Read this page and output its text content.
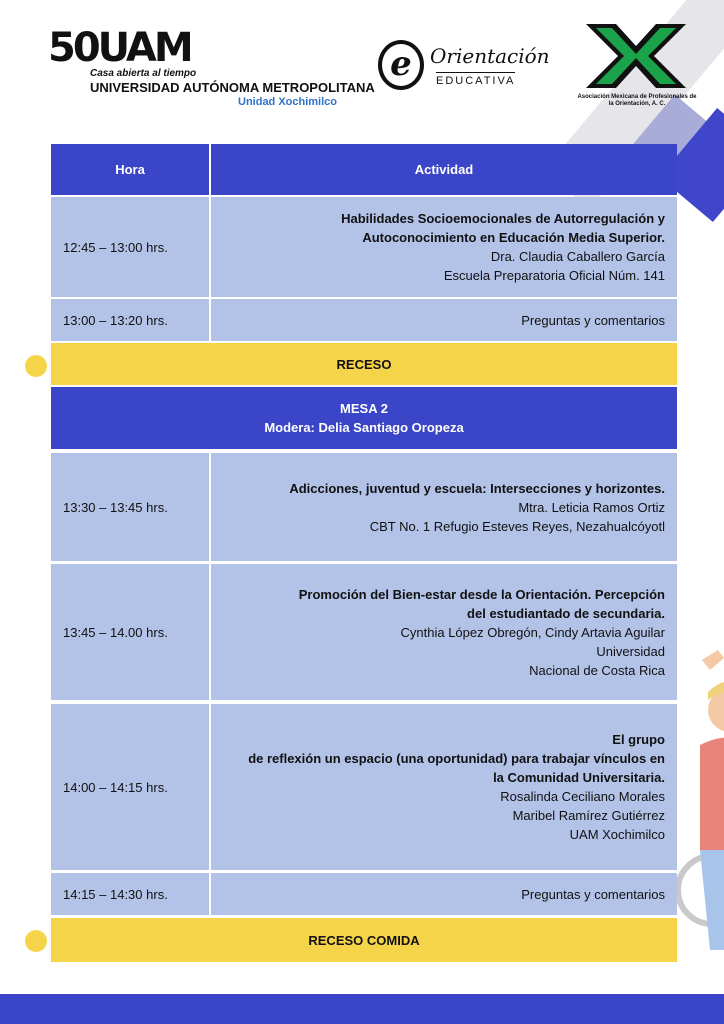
50UAM
Casa abierta al tiempo
UNIVERSIDAD AUTÓNOMA METROPOLITANA
Unidad Xochimilco
e Orientación
EDUCATIVA
Asociación Mexicana de Profesionales de la Orientación, A. C.
Hora	Actividad
12:45 – 13:00 hrs.
Habilidades Socioemocionales de Autorregulación y
Autoconocimiento en Educación Media Superior.
Dra. Claudia Caballero García
Escuela Preparatoria Oficial Núm. 141
13:00 – 13:20 hrs.	Preguntas y comentarios
RECESO
MESA 2
Modera: Delia Santiago Oropeza
13:30 – 13:45 hrs.
Adicciones, juventud y escuela: Intersecciones y horizontes.
Mtra. Leticia Ramos Ortiz
CBT No. 1 Refugio Esteves Reyes, Nezahualcóyotl
13:45 – 14.00 hrs.
Promoción del Bien-estar desde la Orientación. Percepción
del estudiantado de secundaria.
Cynthia López Obregón, Cindy Artavia Aguilar
Universidad
Nacional de Costa Rica
14:00 – 14:15 hrs.
El grupo
de reflexión un espacio (una oportunidad) para trabajar vínculos en
la Comunidad Universitaria.
Rosalinda Ceciliano Morales
Maribel Ramírez Gutiérrez
UAM Xochimilco
14:15 – 14:30 hrs.	Preguntas y comentarios
RECESO COMIDA
